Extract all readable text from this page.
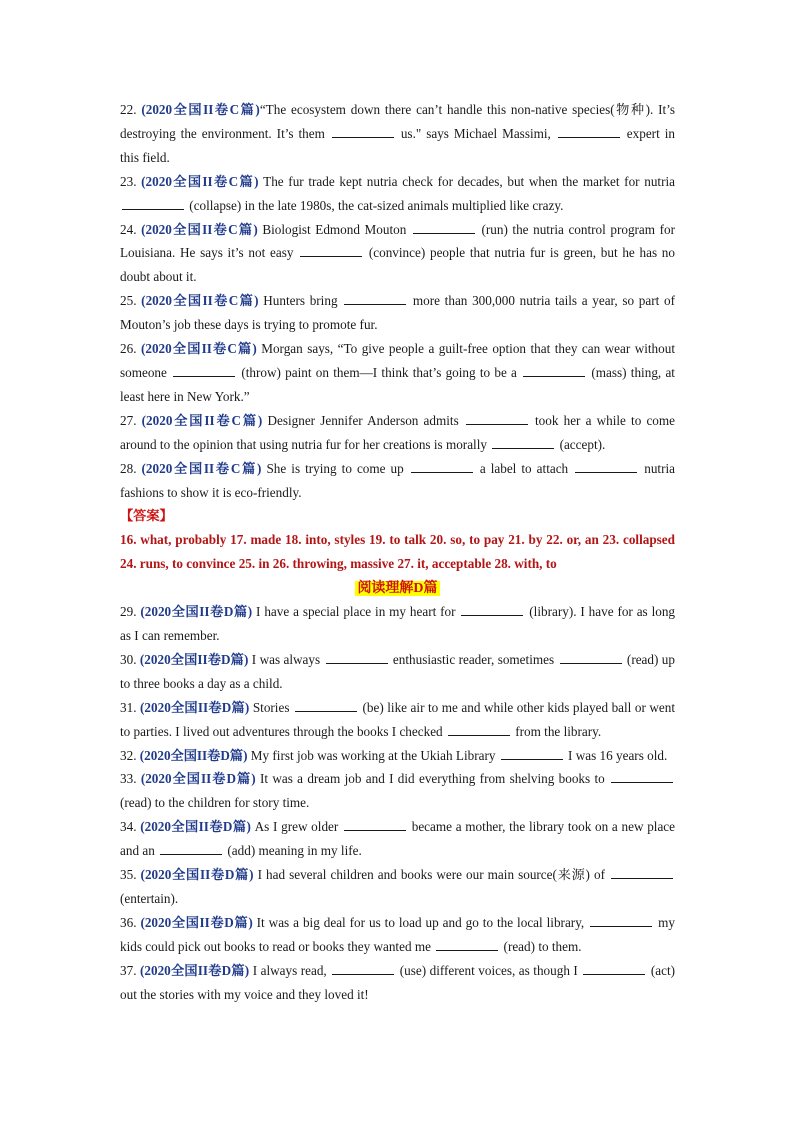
22. (2020全国II卷C篇)“The ecosystem down there can’t handle this non-native species(物种). It’s destroying the environment. It’s them	us." says Michael Massimi,	expert in this field.
23. (2020全国II卷C篇) The fur trade kept nutria check for decades, but when the market for nutria  (collapse) in the late 1980s, the cat-sized animals multiplied like crazy.
24. (2020全国II卷C篇) Biologist Edmond Mouton	(run) the nutria control program for Louisiana. He says it’s not easy	(convince) people that nutria fur is green, but he has no doubt about it.
25. (2020全国II卷C篇) Hunters bring	more than 300,000 nutria tails a year, so part of Mouton’s job these days is trying to promote fur.
26. (2020全国II卷C篇) Morgan says, “To give people a guilt-free option that they can wear without someone	(throw) paint on them—I think that’s going to be a	(mass) thing, at least here in New York.”
27. (2020全国II卷C篇) Designer Jennifer Anderson admits	took her a while to come around to the opinion that using nutria fur for her creations is morally	(accept).
28. (2020全国II卷C篇) She is trying to come up	a label to attach	nutria fashions to show it is eco-friendly.
【答案】
16. what, probably 17. made 18. into, styles 19. to talk 20. so, to pay 21. by 22. or, an 23. collapsed 24. runs, to convince 25. in 26. throwing, massive 27. it, acceptable 28. with, to
阅读理解D篇
29. (2020全国II卷D篇) I have a special place in my heart for	(library). I have for as long as I can remember.
30. (2020全国II卷D篇) I was always	enthusiastic reader, sometimes	(read) up to three books a day as a child.
31. (2020全国II卷D篇) Stories	(be) like air to me and while other kids played ball or went to parties. I lived out adventures through the books I checked	from the library.
32. (2020全国II卷D篇) My first job was working at the Ukiah Library	I was 16 years old.
33. (2020全国II卷D篇) It was a dream job and I did everything from shelving books to  (read) to the children for story time.
34. (2020全国II卷D篇) As I grew older	became a mother, the library took on a new place and an	(add) meaning in my life.
35. (2020全国II卷D篇) I had several children and books were our main source(来源) of  (entertain).
36. (2020全国II卷D篇) It was a big deal for us to load up and go to the local library,	my kids could pick out books to read or books they wanted me	(read) to them.
37. (2020全国II卷D篇) I always read,	(use) different voices, as though I	(act) out the stories with my voice and they loved it!
